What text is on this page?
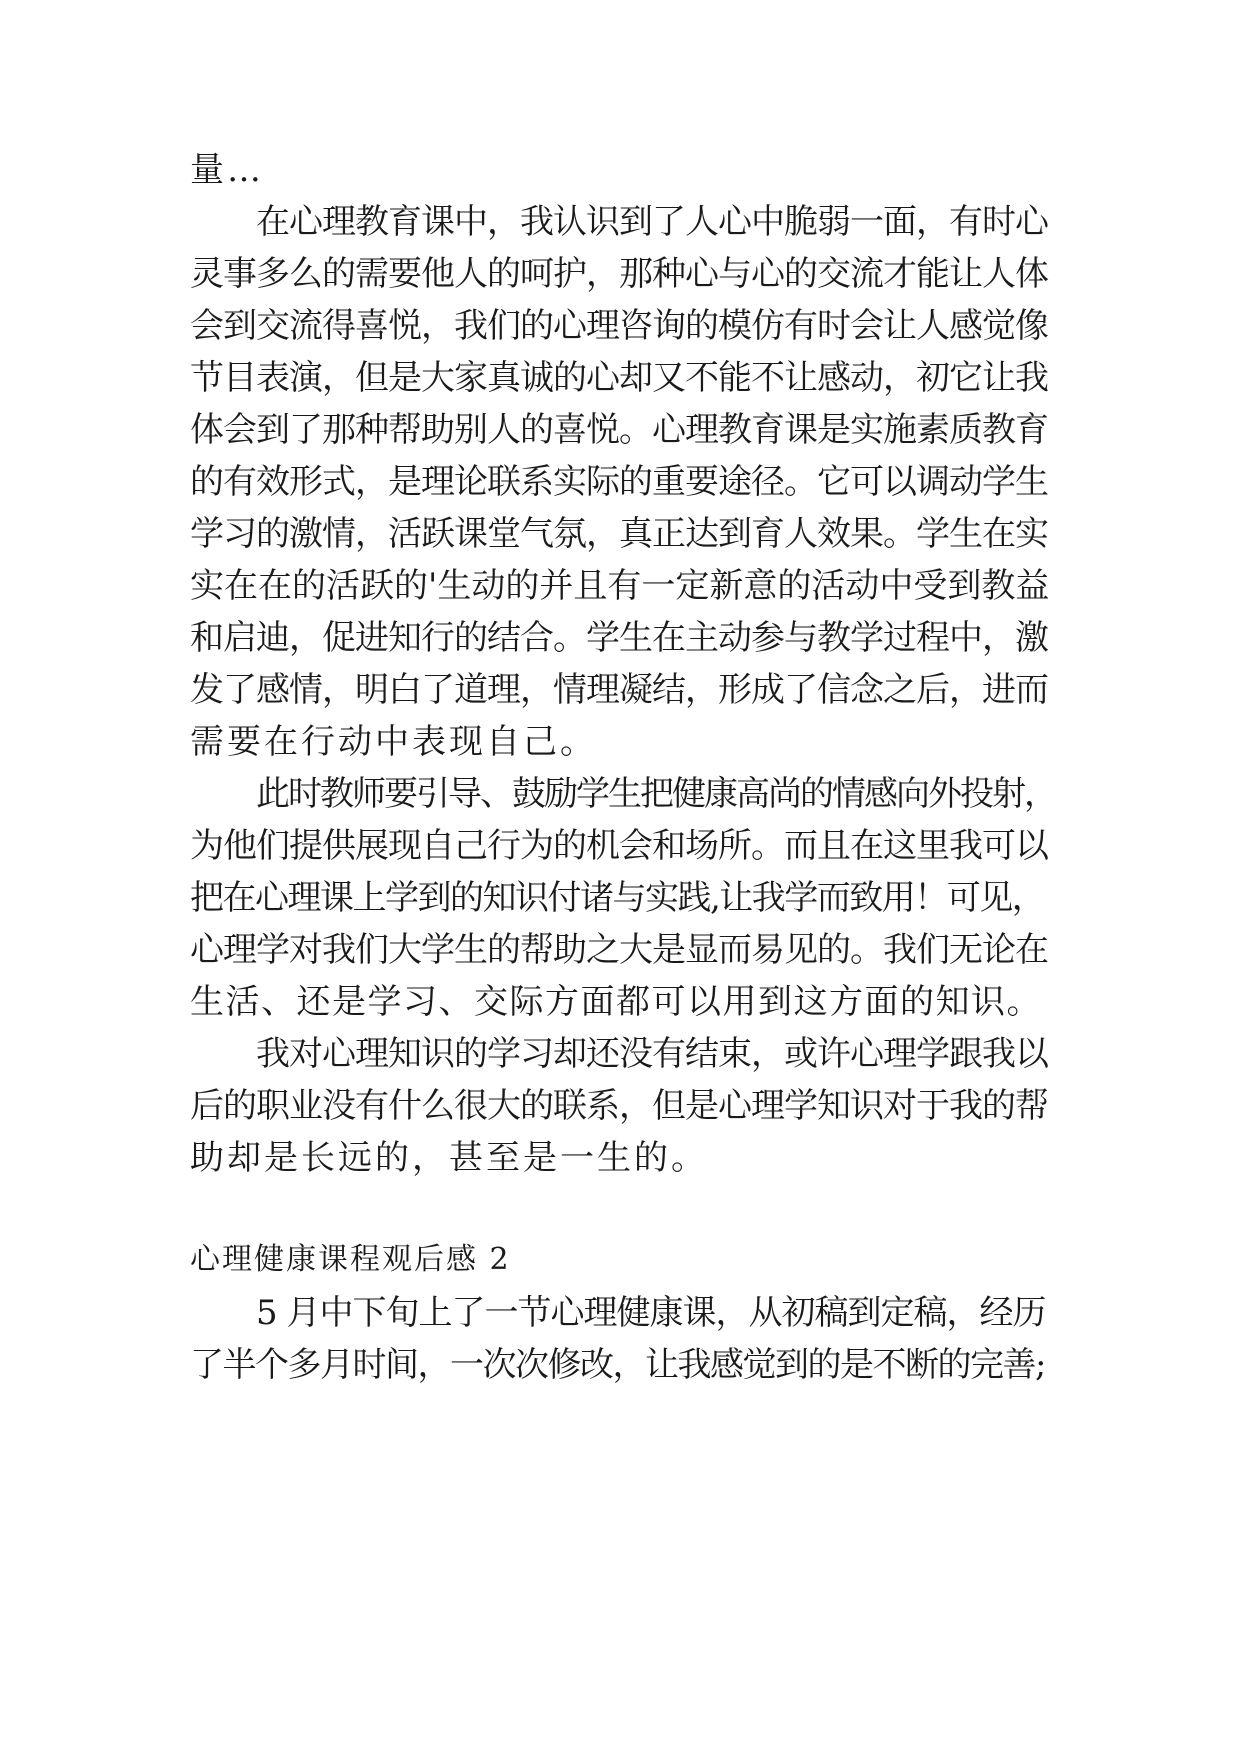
量…
在心理教育课中，我认识到了人心中脆弱一面，有时心
灵事多么的需要他人的呵护，那种心与心的交流才能让人体
会到交流得喜悦，我们的心理咨询的模仿有时会让人感觉像
节目表演，但是大家真诚的心却又不能不让感动，初它让我
体会到了那种帮助别人的喜悦。心理教育课是实施素质教育
的有效形式，是理论联系实际的重要途径。它可以调动学生
学习的激情，活跃课堂气氛，真正达到育人效果。学生在实
实在在的活跃的'生动的并且有一定新意的活动中受到教益
和启迪，促进知行的结合。学生在主动参与教学过程中，激
发了感情，明白了道理，情理凝结，形成了信念之后，进而
需要在行动中表现自己。
此时教师要引导、鼓励学生把健康高尚的情感向外投射，
为他们提供展现自己行为的机会和场所。而且在这里我可以
把在心理课上学到的知识付诸与实践,让我学而致用！可见，
心理学对我们大学生的帮助之大是显而易见的。我们无论在
生活、还是学习、交际方面都可以用到这方面的知识。
我对心理知识的学习却还没有结束，或许心理学跟我以
后的职业没有什么很大的联系，但是心理学知识对于我的帮
助却是长远的，甚至是一生的。
心理健康课程观后感 2
5 月中下旬上了一节心理健康课，从初稿到定稿，经历
了半个多月时间，一次次修改，让我感觉到的是不断的完善;
